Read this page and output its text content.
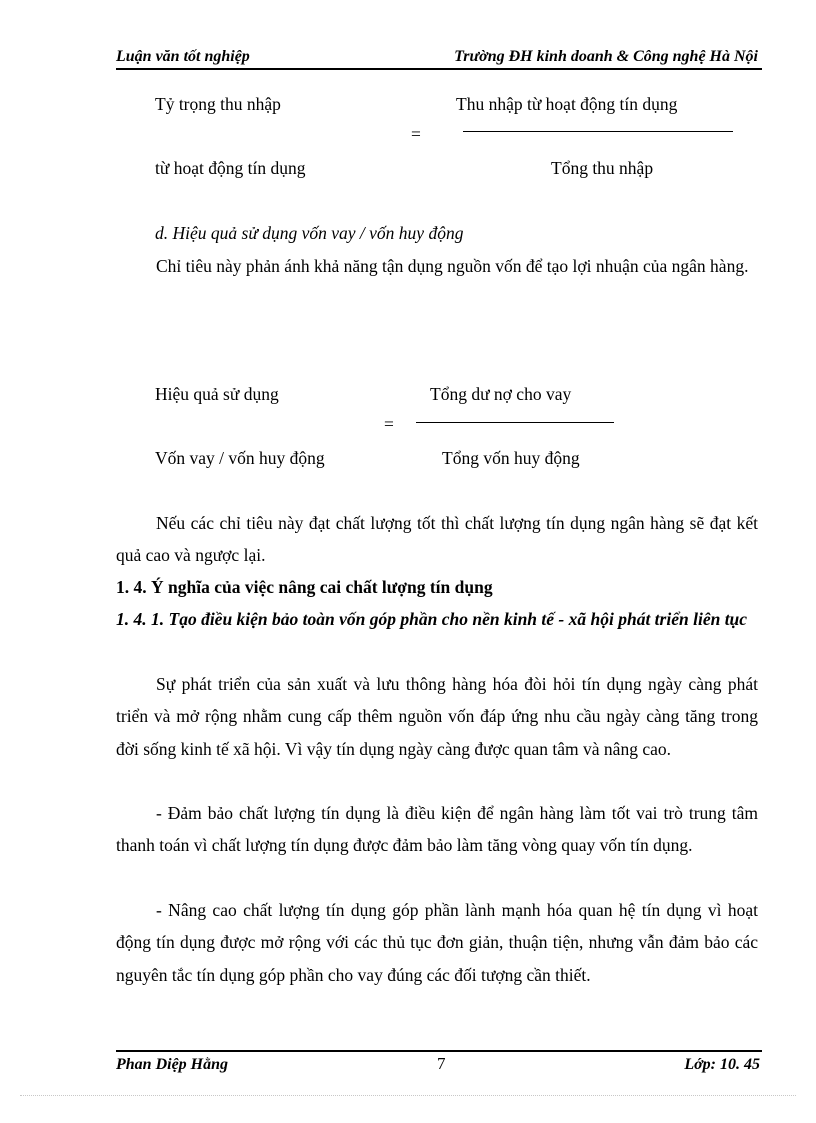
Luận văn tốt nghiệp	Trường ĐH kinh doanh & Công nghệ Hà Nội
Tỷ trọng thu nhập
từ hoạt động tín dụng
=
Thu nhập từ hoạt động tín dụng
Tổng thu nhập
d. Hiệu quả sử dụng vốn vay / vốn huy động
Chỉ tiêu này phản ánh khả năng tận dụng nguồn vốn để tạo lợi nhuận của ngân hàng.
Hiệu quả sử dụng
Vốn vay / vốn huy động
=
Tổng dư nợ cho vay
Tổng vốn huy động
Nếu các chỉ tiêu này đạt chất lượng tốt thì chất lượng tín dụng ngân hàng sẽ đạt kết quả cao và ngược lại.
1. 4. Ý nghĩa của việc nâng cai chất lượng tín dụng
1. 4. 1. Tạo điều kiện bảo toàn vốn góp phần cho nền kinh tế - xã hội phát triển liên tục
Sự phát triển của sản xuất và lưu thông hàng hóa đòi hỏi tín dụng ngày càng phát triển và mở rộng nhằm cung cấp thêm nguồn vốn đáp ứng nhu cầu ngày càng tăng trong đời sống kinh tế xã hội. Vì vậy tín dụng ngày càng được quan tâm và nâng cao.
- Đảm bảo chất lượng tín dụng là điều kiện để ngân hàng làm tốt vai trò trung tâm thanh toán vì chất lượng tín dụng được đảm bảo làm tăng vòng quay vốn tín dụng.
- Nâng cao chất lượng tín dụng góp phần lành mạnh hóa quan hệ tín dụng vì hoạt động tín dụng được mở rộng với các thủ tục đơn giản, thuận tiện, nhưng vẫn đảm bảo các nguyên tắc tín dụng góp phần cho vay đúng các đối tượng cần thiết.
Phan Diệp Hằng	7	Lớp: 10. 45
